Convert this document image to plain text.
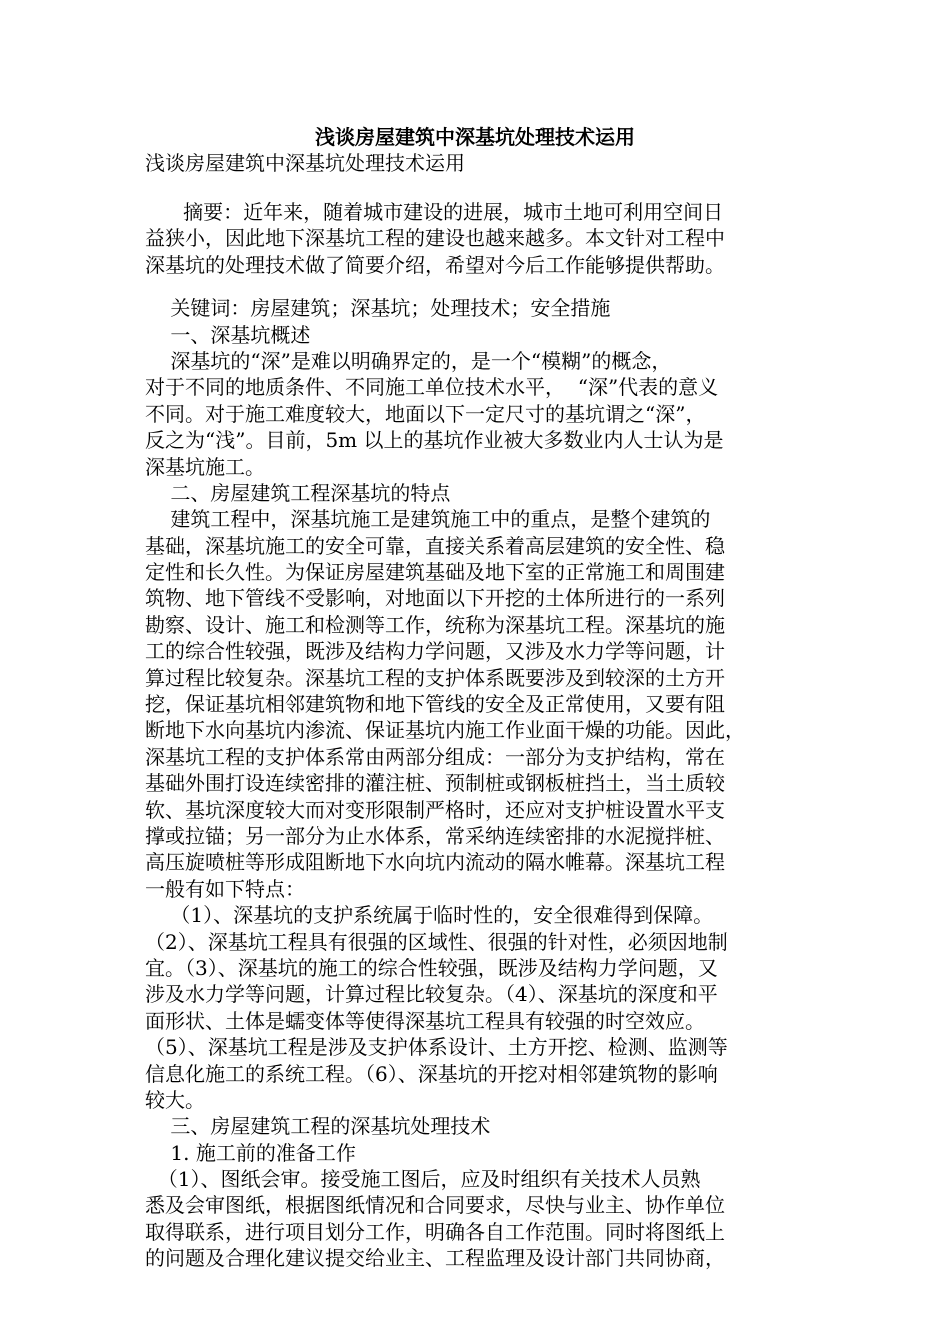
浅谈房屋建筑中深基坑处理技术运用
浅谈房屋建筑中深基坑处理技术运用
摘要：近年来，随着城市建设的进展，城市土地可利用空间日
益狭小，因此地下深基坑工程的建设也越来越多。本文针对工程中
深基坑的处理技术做了简要介绍，希望对今后工作能够提供帮助。
关键词：房屋建筑；深基坑；处理技术；安全措施
一、深基坑概述
深基坑的“深”是难以明确界定的，是一个“模糊”的概念，
对于不同的地质条件、不同施工单位技术水平，  “深”代表的意义
不同。对于施工难度较大，地面以下一定尺寸的基坑谓之“深”，
反之为“浅”。目前，5m 以上的基坑作业被大多数业内人士认为是
深基坑施工。
二、房屋建筑工程深基坑的特点
建筑工程中，深基坑施工是建筑施工中的重点，是整个建筑的
基础，深基坑施工的安全可靠，直接关系着高层建筑的安全性、稳
定性和长久性。为保证房屋建筑基础及地下室的正常施工和周围建
筑物、地下管线不受影响，对地面以下开挖的土体所进行的一系列
勘察、设计、施工和检测等工作，统称为深基坑工程。深基坑的施
工的综合性较强，既涉及结构力学问题，又涉及水力学等问题，计
算过程比较复杂。深基坑工程的支护体系既要涉及到较深的土方开
挖，保证基坑相邻建筑物和地下管线的安全及正常使用，又要有阻
断地下水向基坑内渗流、保证基坑内施工作业面干燥的功能。因此，
深基坑工程的支护体系常由两部分组成：一部分为支护结构，常在
基础外围打设连续密排的灌注桩、预制桩或钢板桩挡土，当土质较
软、基坑深度较大而对变形限制严格时，还应对支护桩设置水平支
撑或拉锚；另一部分为止水体系，常采纳连续密排的水泥搅拌桩、
高压旋喷桩等形成阻断地下水向坑内流动的隔水帷幕。深基坑工程
一般有如下特点：
（1）、深基坑的支护系统属于临时性的，安全很难得到保障。
（2）、深基坑工程具有很强的区域性、很强的针对性，必须因地制
宜。（3）、深基坑的施工的综合性较强，既涉及结构力学问题，又
涉及水力学等问题，计算过程比较复杂。（4）、深基坑的深度和平
面形状、土体是蠕变体等使得深基坑工程具有较强的时空效应。
（5）、深基坑工程是涉及支护体系设计、土方开挖、检测、监测等
信息化施工的系统工程。（6）、深基坑的开挖对相邻建筑物的影响
较大。
三、房屋建筑工程的深基坑处理技术
1. 施工前的准备工作
（1）、图纸会审。接受施工图后，应及时组织有关技术人员熟
悉及会审图纸，根据图纸情况和合同要求，尽快与业主、协作单位
取得联系，进行项目划分工作，明确各自工作范围。同时将图纸上
的问题及合理化建议提交给业主、工程监理及设计部门共同协商，
